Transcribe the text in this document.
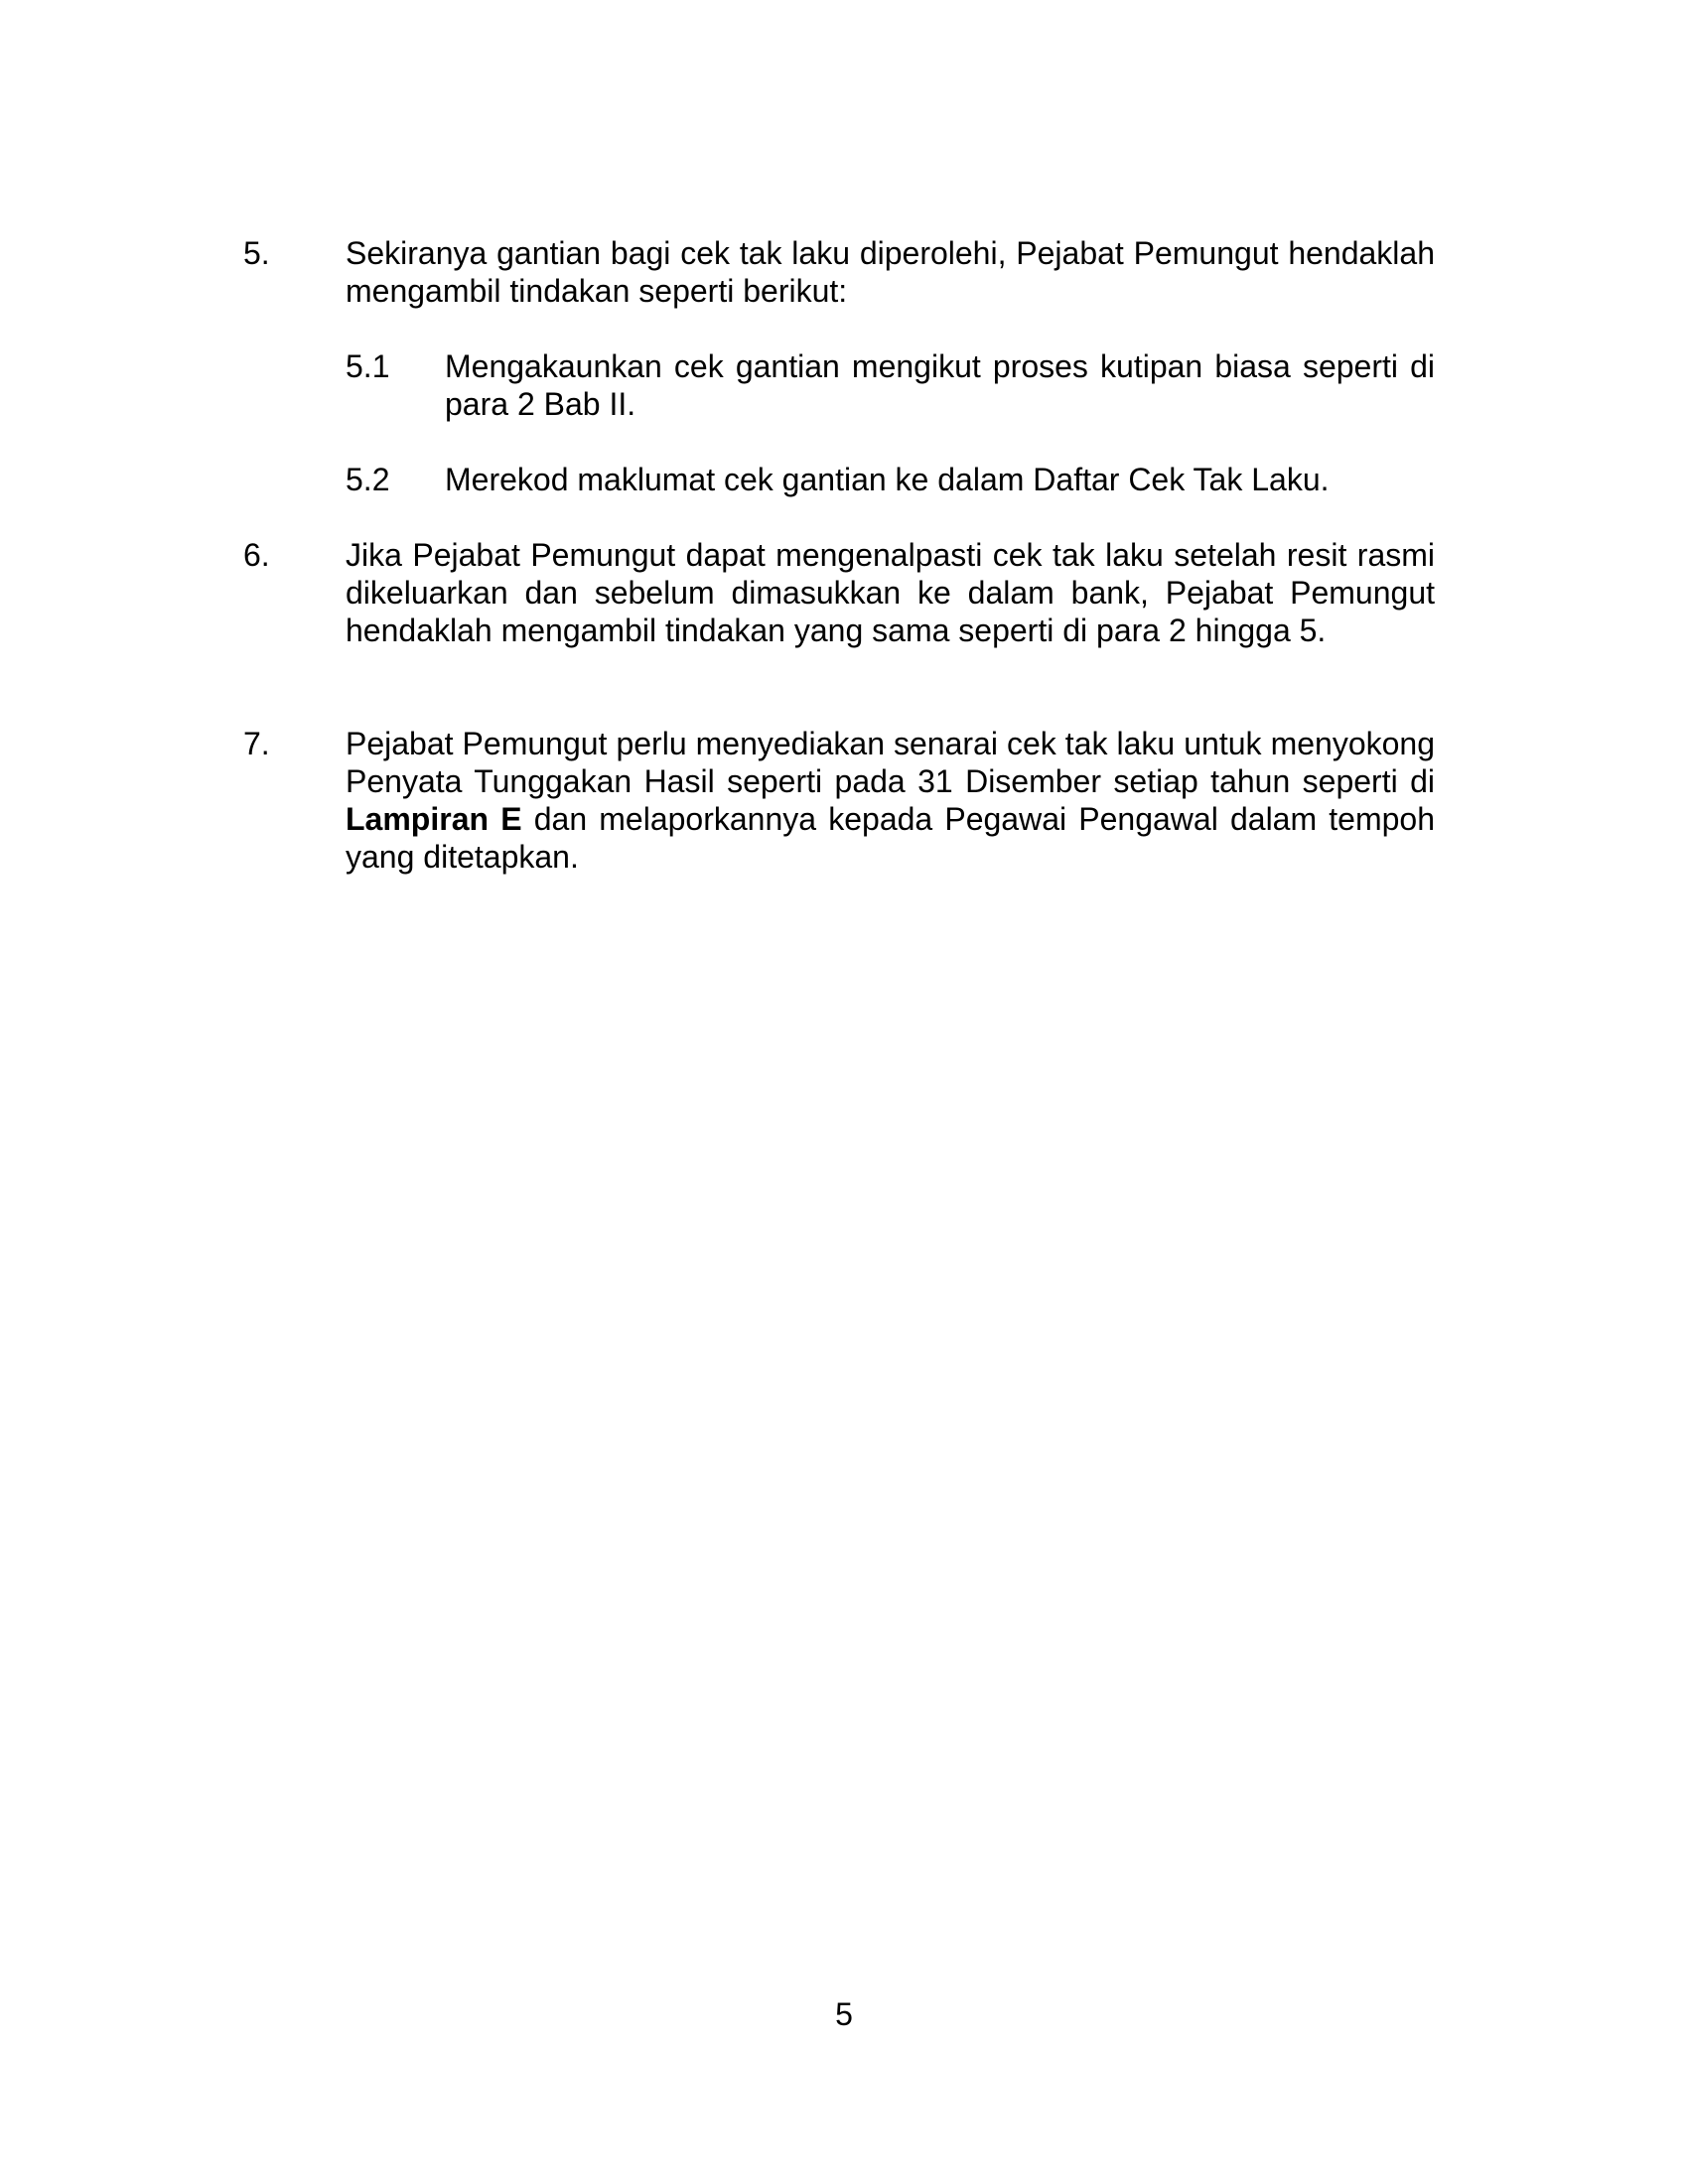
5.	Sekiranya gantian bagi cek tak laku diperolehi, Pejabat Pemungut hendaklah mengambil tindakan seperti berikut:
5.1	Mengakaunkan cek gantian mengikut proses kutipan biasa seperti di para 2 Bab II.
5.2	Merekod maklumat cek gantian ke dalam Daftar Cek Tak Laku.
6.	Jika Pejabat Pemungut dapat mengenalpasti cek tak laku setelah resit rasmi dikeluarkan dan sebelum dimasukkan ke dalam bank, Pejabat Pemungut hendaklah mengambil tindakan yang sama seperti di para 2 hingga 5.
7.	Pejabat Pemungut perlu menyediakan senarai cek tak laku untuk menyokong Penyata Tunggakan Hasil seperti pada 31 Disember setiap tahun seperti di Lampiran E dan melaporkannya kepada Pegawai Pengawal dalam tempoh yang ditetapkan.
5
